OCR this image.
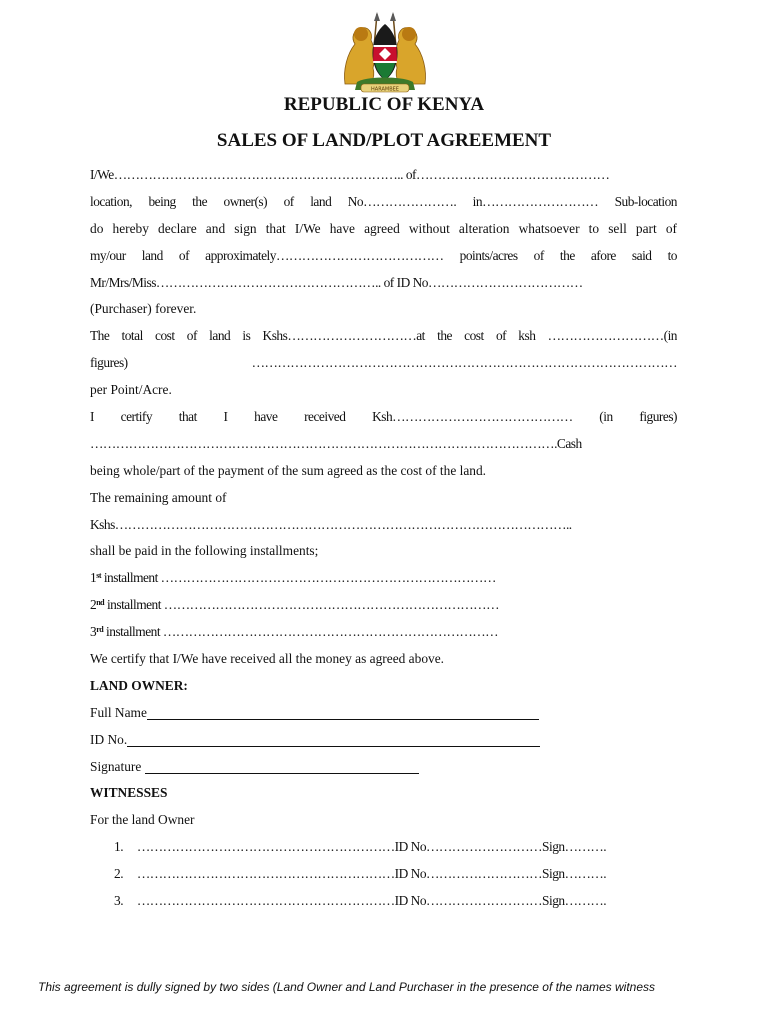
HARAMBEE
REPUBLIC OF KENYA
SALES OF LAND/PLOT AGREEMENT
I/We………………………………………………………….. of………………………………………
location, being the owner(s) of land No…………………. in……………………… Sub-location
do hereby declare and sign that I/We have agreed without alteration whatsoever to sell part of
my/our land of approximately………………………………… points/acres of the afore said to
Mr/Mrs/Miss…………………………………………….. of ID No………………………………
(Purchaser) forever.
The total cost of land is Kshs…………………………at the cost of ksh ………………………(in
figures) ………………………………………………………………………………………
per Point/Acre.
I certify that I have received Ksh…………………………………… (in figures)
……………………………………………………………………………………………….Cash
being whole/part of the payment of the sum agreed as the cost of the land.
The remaining amount of
Kshs……………………………………………………………………………………………..
shall be paid in the following installments;
1st installment ……………………………………………………………………
2nd installment ……………………………………………………………………
3rd installment ……………………………………………………………………
We certify that I/We have received all the money as agreed above.
LAND OWNER:
Full Name
ID No.
Signature
WITNESSES
For the land Owner
1. ……………………………………………………ID No………………………Sign……….
2. ……………………………………………………ID No………………………Sign……….
3. ……………………………………………………ID No………………………Sign……….
This agreement is dully signed by two sides (Land Owner and Land Purchaser in the presence of the names witness
